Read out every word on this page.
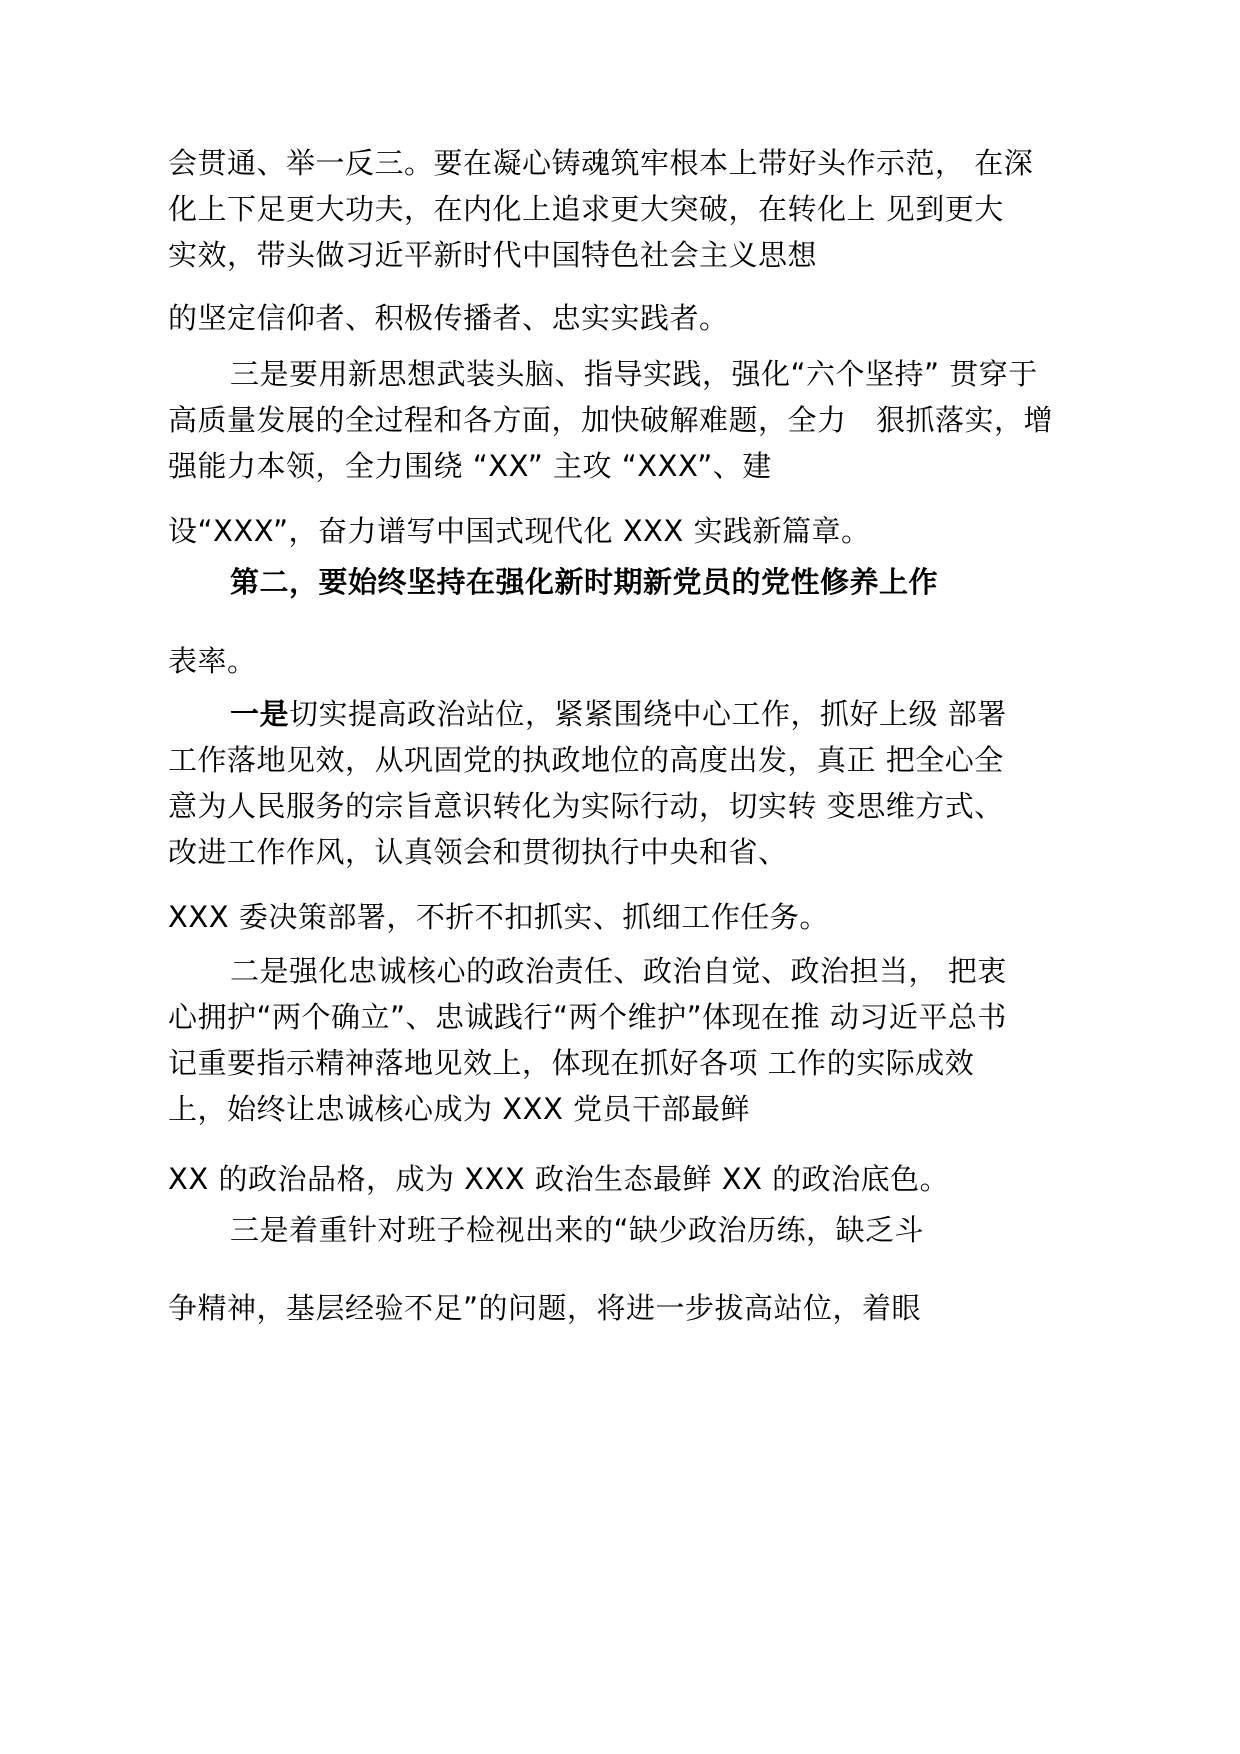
会贯通、举一反三。要在凝心铸魂筑牢根本上带好头作示范， 在深
化上下足更大功夫，在内化上追求更大突破，在转化上 见到更大
实效，带头做习近平新时代中国特色社会主义思想
的坚定信仰者、积极传播者、忠实实践者。
三是要用新思想武装头脑、指导实践，强化“六个坚持” 贯穿于
高质量发展的全过程和各方面，加快破解难题，全力　狠抓落实，增
强能力本领，全力围绕 “XX” 主攻 “XXX”、建
设“XXX”，奋力谱写中国式现代化 XXX 实践新篇章。
第二，要始终坚持在强化新时期新党员的党性修养上作
表率。
一是切实提高政治站位，紧紧围绕中心工作，抓好上级 部署
工作落地见效，从巩固党的执政地位的高度出发，真正 把全心全
意为人民服务的宗旨意识转化为实际行动，切实转 变思维方式、
改进工作作风，认真领会和贯彻执行中央和省、
XXX 委决策部署，不折不扣抓实、抓细工作任务。
二是强化忠诚核心的政治责任、政治自觉、政治担当， 把衷
心拥护“两个确立”、忠诚践行“两个维护”体现在推 动习近平总书
记重要指示精神落地见效上，体现在抓好各项 工作的实际成效
上，始终让忠诚核心成为 XXX 党员干部最鲜
XX 的政治品格，成为 XXX 政治生态最鲜 XX 的政治底色。
三是着重针对班子检视出来的“缺少政治历练，缺乏斗
争精神，基层经验不足”的问题，将进一步拔高站位，着眼
